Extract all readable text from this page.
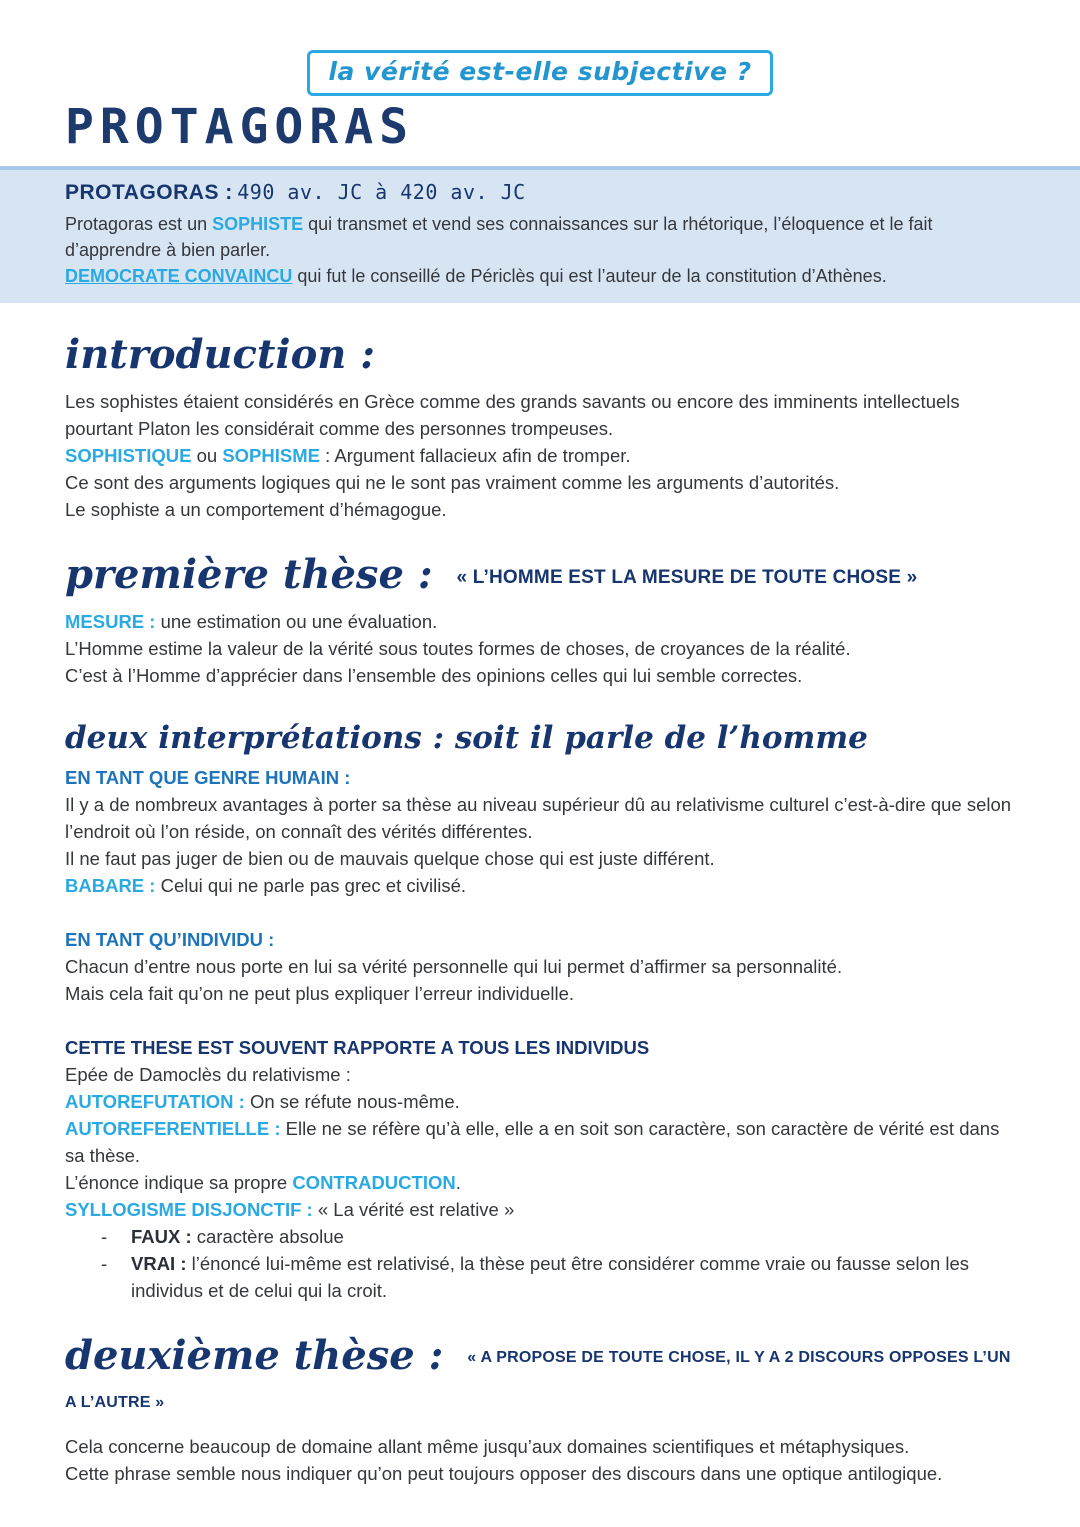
la vérité est-elle subjective ?
PROTAGORAS

PROTAGORAS : 490 av. JC à 420 av. JC

Protagoras est un SOPHISTE qui transmet et vend ses connaissances sur la rhétorique, l’éloquence et le fait d’apprendre à bien parler.

DEMOCRATE CONVAINCU qui fut le conseillé de Périclès qui est l’auteur de la constitution d’Athènes.

introduction :

Les sophistes étaient considérés en Grèce comme des grands savants ou encore des imminents intellectuels pourtant Platon les considérait comme des personnes trompeuses.

SOPHISTIQUE ou SOPHISME : Argument fallacieux afin de tromper.

Ce sont des arguments logiques qui ne le sont pas vraiment comme les arguments d’autorités.

Le sophiste a un comportement d’hémagogue.

première thèse : « L’HOMME EST LA MESURE DE TOUTE CHOSE »

MESURE : une estimation ou une évaluation.

L’Homme estime la valeur de la vérité sous toutes formes de choses, de croyances de la réalité.

C’est à l’Homme d’apprécier dans l’ensemble des opinions celles qui lui semble correctes.

deux interprétations : soit il parle de l’homme

EN TANT QUE GENRE HUMAIN :

Il y a de nombreux avantages à porter sa thèse au niveau supérieur dû au relativisme culturel c’est-à-dire que selon l’endroit où l’on réside, on connaît des vérités différentes.

Il ne faut pas juger de bien ou de mauvais quelque chose qui est juste différent.

BABARE : Celui qui ne parle pas grec et civilisé.

EN TANT QU’INDIVIDU :

Chacun d’entre nous porte en lui sa vérité personnelle qui lui permet d’affirmer sa personnalité.

Mais cela fait qu’on ne peut plus expliquer l’erreur individuelle.

CETTE THESE EST SOUVENT RAPPORTE A TOUS LES INDIVIDUS

Epée de Damoclès du relativisme :

AUTOREFUTATION : On se réfute nous-même.

AUTOREFERENTIELLE : Elle ne se réfère qu’à elle, elle a en soit son caractère, son caractère de vérité est dans sa thèse.

L’énonce indique sa propre CONTRADUCTION.

SYLLOGISME DISJONCTIF : « La vérité est relative »

-	FAUX : caractère absolue
-	VRAI : l’énoncé lui-même est relativisé, la thèse peut être considérer comme vraie ou fausse selon les individus et de celui qui la croit.
deuxième thèse : « A PROPOSE DE TOUTE CHOSE, IL Y A 2 DISCOURS OPPOSES L’UN A L’AUTRE »

Cela concerne beaucoup de domaine allant même jusqu’aux domaines scientifiques et métaphysiques.

Cette phrase semble nous indiquer qu’on peut toujours opposer des discours dans une optique antilogique.
